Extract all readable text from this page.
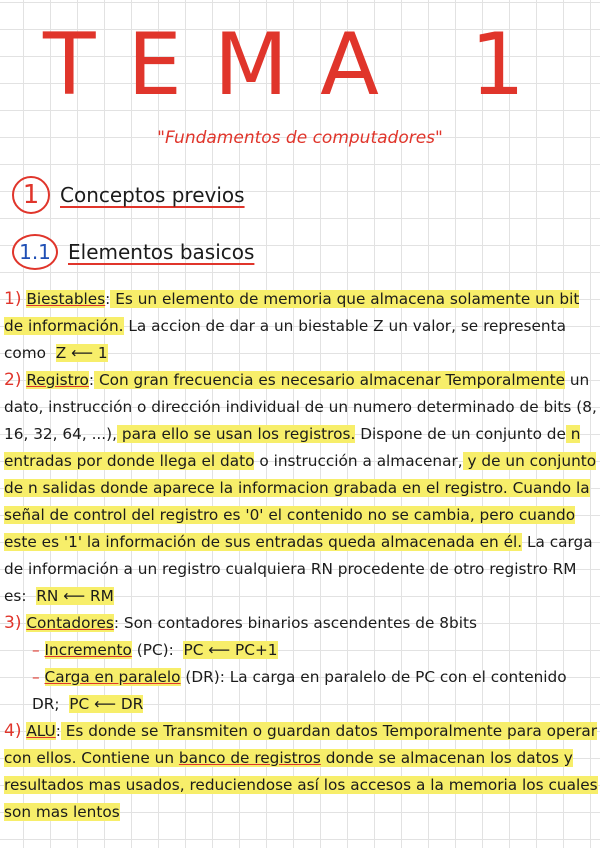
TEMA 1
"Fundamentos de computadores"
1	Conceptos previos
1.1 Elementos basicos

1) Biestables: Es un elemento de memoria que almacena solamente un bit de información. La accion de dar a un biestable Z un valor, se representa como Z ⟵ 1

2) Registro: Con gran frecuencia es necesario almacenar Temporalmente un dato, instrucción o dirección individual de un numero determinado de bits (8, 16, 32, 64, ...), para ello se usan los registros. Dispone de un conjunto de n entradas por donde llega el dato o instrucción a almacenar, y de un conjunto de n salidas donde aparece la informacion grabada en el registro. Cuando la señal de control del registro es '0' el contenido no se cambia, pero cuando este es '1' la información de sus entradas queda almacenada en él. La carga de información a un registro cualquiera RN procedente de otro registro RM es: RN ⟵ RM

3) Contadores: Son contadores binarios ascendentes de 8bits

– Incremento (PC): PC ⟵ PC+1

– Carga en paralelo (DR): La carga en paralelo de PC con el contenido DR; PC ⟵ DR

4) ALU: Es donde se Transmiten o guardan datos Temporalmente para operar con ellos. Contiene un banco de registros donde se almacenan los datos y resultados mas usados, reduciendose así los accesos a la memoria los cuales son mas lentos
